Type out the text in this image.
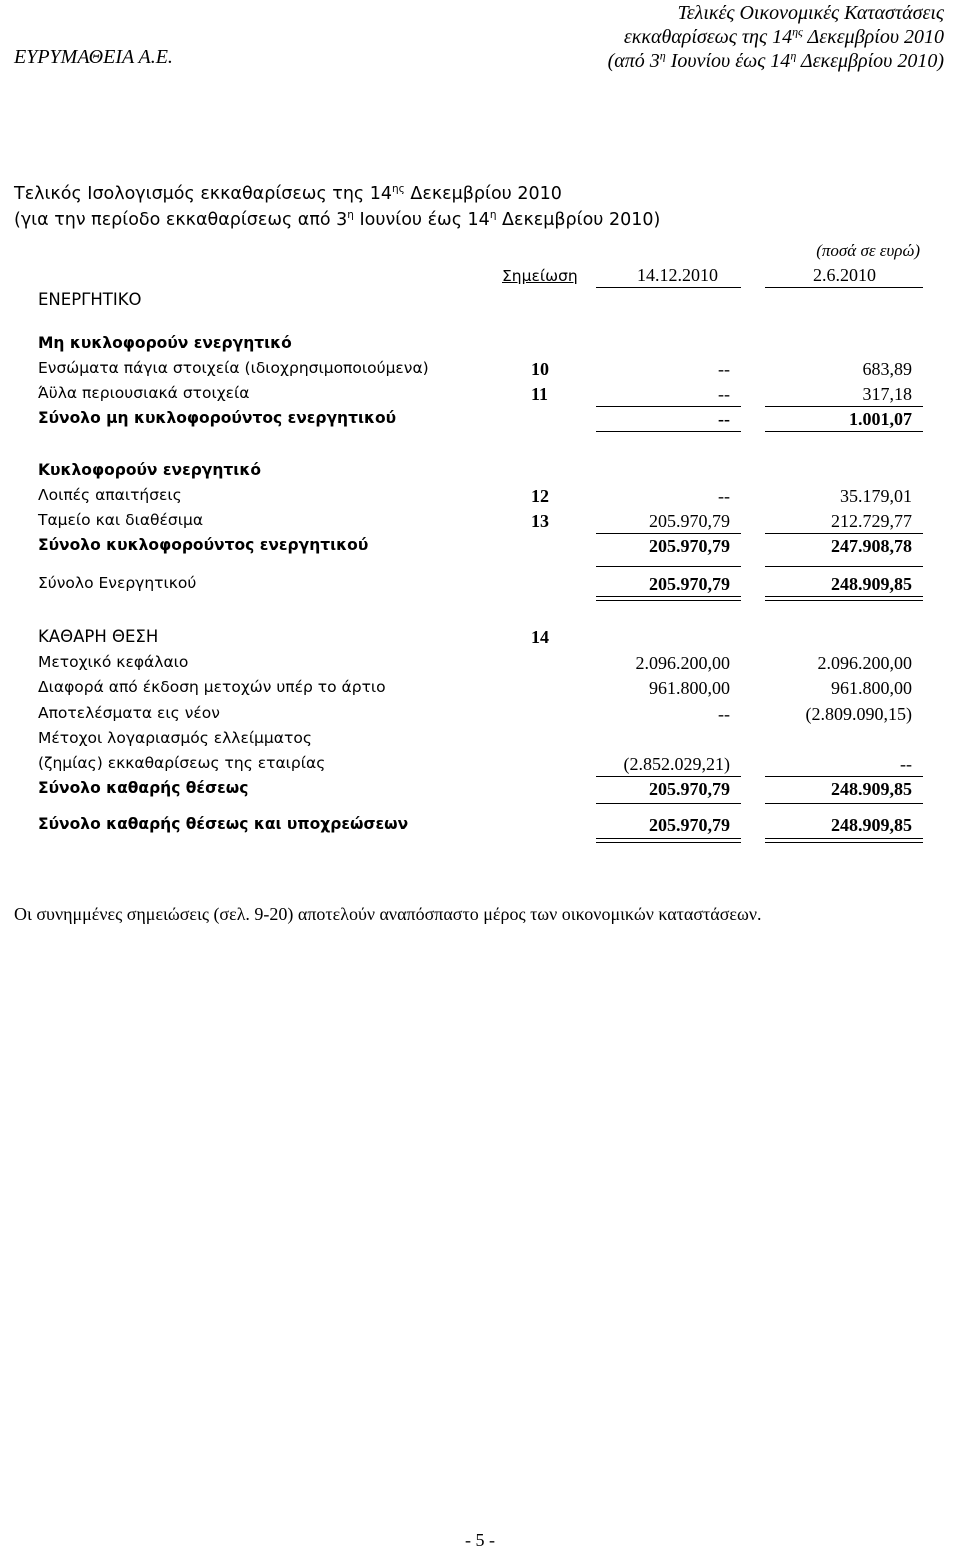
ΕΥΡΥΜΑΘΕΙΑ Α.Ε.
Τελικές Οικονομικές Καταστάσεις
εκκαθαρίσεως της $14^{\eta\varsigma}$ Δεκεμβρίου 2010
(από $3^\eta$ Ιουνίου έως $14^\eta$ Δεκεμβρίου 2010)
Τελικός Ισολογισμός εκκαθαρίσεως της $14^{\eta\varsigma}$ Δεκεμβρίου 2010
(για την περίοδο εκκαθαρίσεως από $3^\eta$ Ιουνίου έως $14^\eta$ Δεκεμβρίου 2010)
(ποσά σε ευρώ)
Σημείωση	14.12.2010	2.6.2010
ΕΝΕΡΓΗΤΙΚΟ
Μη κυκλοφορούν ενεργητικό
Ενσώματα πάγια στοιχεία (ιδιοχρησιμοποιούμενα)	10	--	683,89
Άϋλα περιουσιακά στοιχεία	11	--	317,18
Σύνολο μη κυκλοφορούντος ενεργητικού	--	1.001,07
Κυκλοφορούν ενεργητικό
Λοιπές απαιτήσεις	12	--	35.179,01
Ταμείο και διαθέσιμα	13	205.970,79	212.729,77
Σύνολο κυκλοφορούντος ενεργητικού	205.970,79	247.908,78
Σύνολο Ενεργητικού	205.970,79	248.909,85
ΚΑΘΑΡΗ ΘΕΣΗ	14
Μετοχικό κεφάλαιο	2.096.200,00	2.096.200,00
Διαφορά από έκδοση μετοχών υπέρ το άρτιο	961.800,00	961.800,00
Αποτελέσματα εις νέον	--	(2.809.090,15)
Μέτοχοι λογαριασμός ελλείμματος
(ζημίας) εκκαθαρίσεως της εταιρίας	(2.852.029,21)	--
Σύνολο καθαρής θέσεως	205.970,79	248.909,85
Σύνολο καθαρής θέσεως και υποχρεώσεων	205.970,79	248.909,85
Οι συνημμένες σημειώσεις (σελ. 9-20) αποτελούν αναπόσπαστο μέρος των οικονομικών καταστάσεων.
- 5 -
